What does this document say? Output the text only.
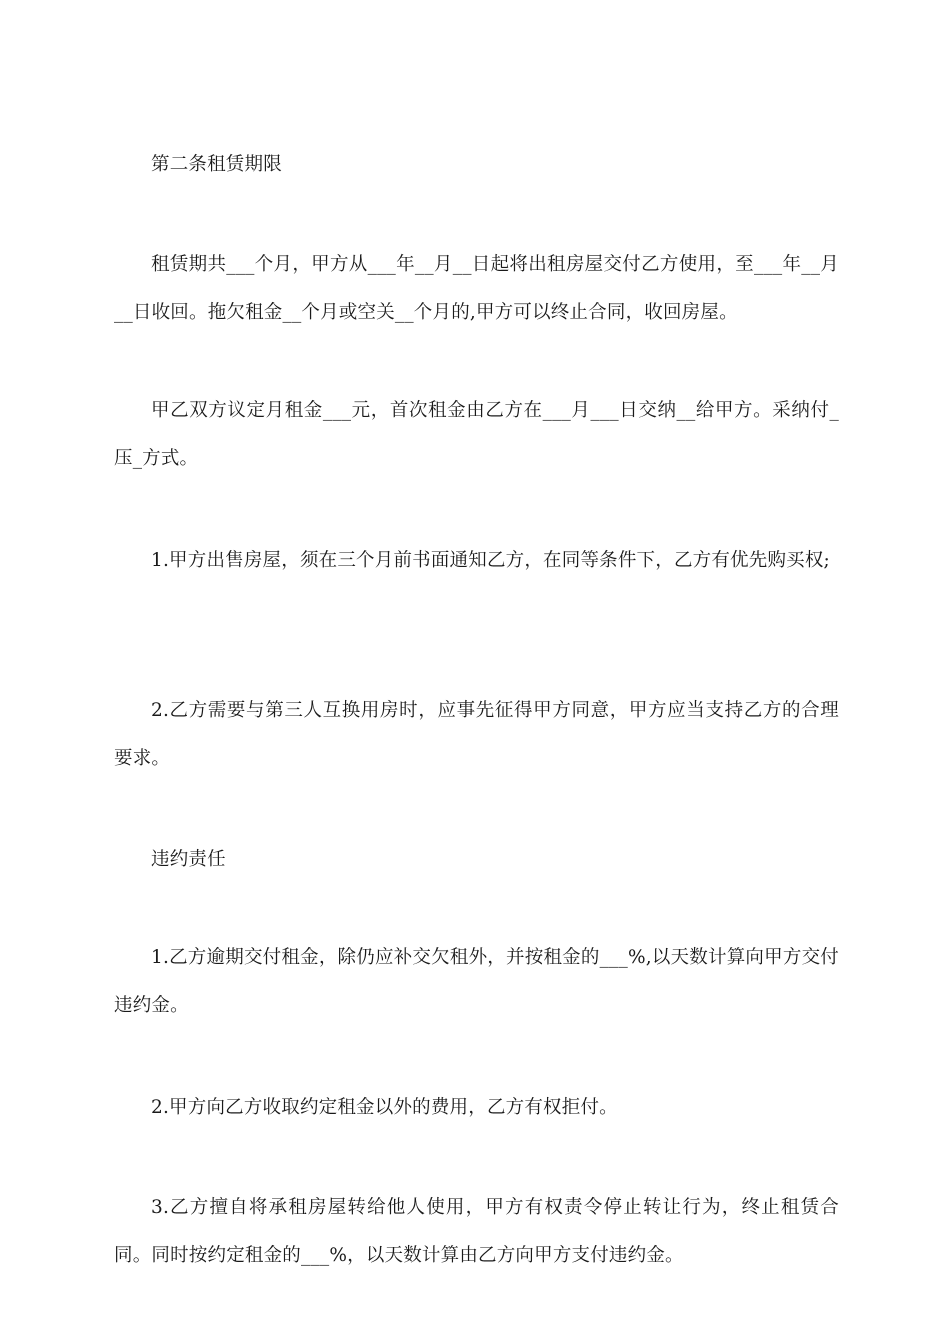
第二条租赁期限

租赁期共___个月，甲方从___年__月__日起将出租房屋交付乙方使用，至___年__月__日收回。拖欠租金__个月或空关__个月的,甲方可以终止合同，收回房屋。

甲乙双方议定月租金___元，首次租金由乙方在___月___日交纳__给甲方。采纳付_压_方式。

1.甲方出售房屋，须在三个月前书面通知乙方，在同等条件下，乙方有优先购买权;

2.乙方需要与第三人互换用房时，应事先征得甲方同意，甲方应当支持乙方的合理要求。

违约责任

1.乙方逾期交付租金，除仍应补交欠租外，并按租金的___%,以天数计算向甲方交付违约金。

2.甲方向乙方收取约定租金以外的费用，乙方有权拒付。

3.乙方擅自将承租房屋转给他人使用，甲方有权责令停止转让行为，终止租赁合同。同时按约定租金的___%，以天数计算由乙方向甲方支付违约金。
